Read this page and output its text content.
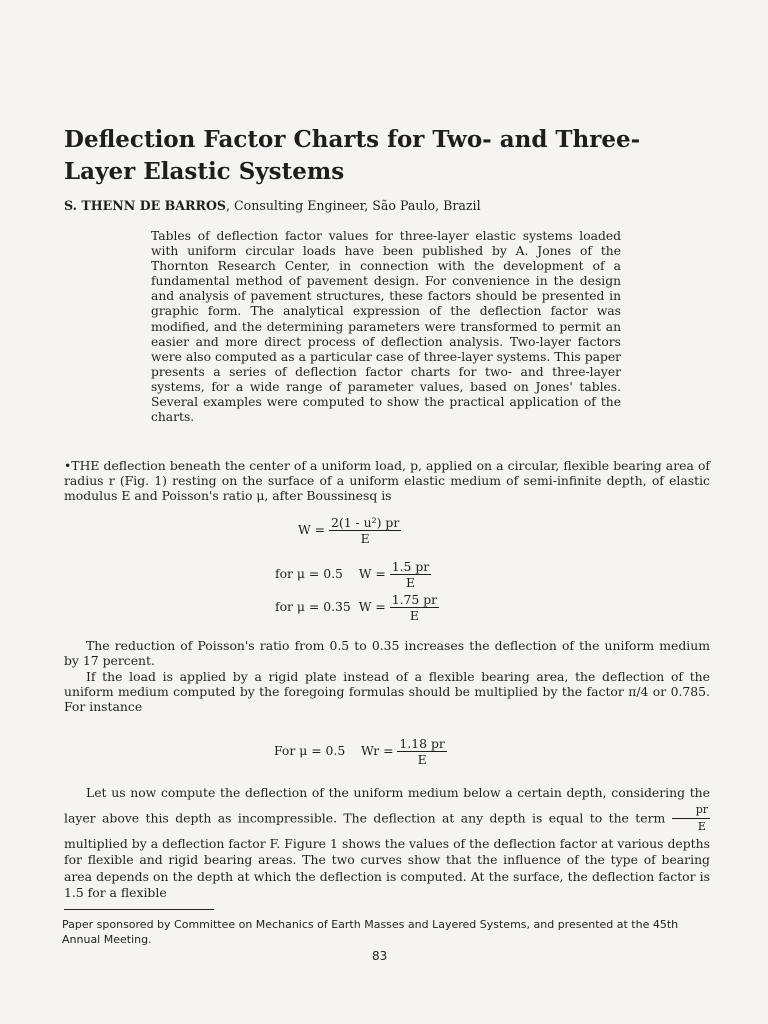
Deflection Factor Charts for Two- and Three-Layer Elastic Systems
S. THENN DE BARROS, Consulting Engineer, São Paulo, Brazil
Tables of deflection factor values for three-layer elastic systems loaded with uniform circular loads have been published by A. Jones of the Thornton Research Center, in connection with the development of a fundamental method of pavement design. For convenience in the design and analysis of pavement structures, these factors should be presented in graphic form. The analytical expression of the deflection factor was modified, and the determining parameters were transformed to permit an easier and more direct process of deflection analysis. Two-layer factors were also computed as a particular case of three-layer systems. This paper presents a series of deflection factor charts for two- and three-layer systems, for a wide range of parameter values, based on Jones' tables. Several examples were computed to show the practical application of the charts.
•THE deflection beneath the center of a uniform load, p, applied on a circular, flexible bearing area of radius r (Fig. 1) resting on the surface of a uniform elastic medium of semi-infinite depth, of elastic modulus E and Poisson's ratio μ, after Boussinesq is
$W = \frac{\text{2(1 - u²) pr}}{E}$
for μ = 0.5 $W = \frac{1.5 pr}{E}$
for μ = 0.35 $W = \frac{1.75 pr}{E}$
The reduction of Poisson's ratio from 0.5 to 0.35 increases the deflection of the uniform medium by 17 percent.
If the load is applied by a rigid plate instead of a flexible bearing area, the deflection of the uniform medium computed by the foregoing formulas should be multiplied by the factor π/4 or 0.785. For instance
For μ = 0.5 $Wr = \frac{1.18 pr}{E}$
Let us now compute the deflection of the uniform medium below a certain depth, considering the layer above this depth as incompressible. The deflection at any depth is equal to the term $\frac{pr}{E}$
multiplied by a deflection factor F. Figure 1 shows the values of the deflection factor at various depths for flexible and rigid bearing areas. The two curves show that the influence of the type of bearing area depends on the depth at which the deflection is computed. At the surface, the deflection factor is 1.5 for a flexible
Paper sponsored by Committee on Mechanics of Earth Masses and Layered Systems, and presented at the 45th Annual Meeting.
83
